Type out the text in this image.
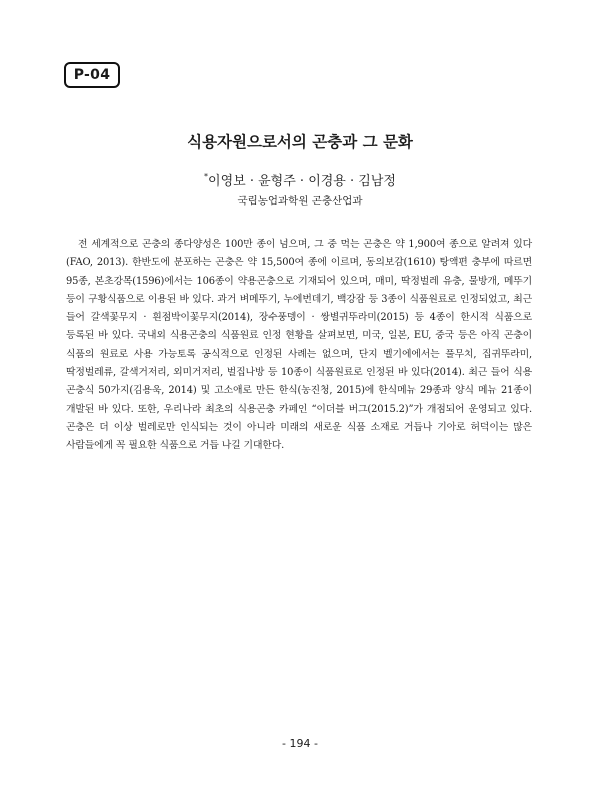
P-04
식용자원으로서의 곤충과 그 문화
*이영보 · 윤형주 · 이경용 · 김남정
국립농업과학원 곤충산업과

전 세계적으로 곤충의 종다양성은 100만 종이 넘으며, 그 중 먹는 곤충은 약 1,900여 종으로 알려져 있다(FAO, 2013). 한반도에 분포하는 곤충은 약 15,500여 종에 이르며, 동의보감(1610) 탕액편 충부에 따르면 95종, 본초강목(1596)에서는 106종이 약용곤충으로 기재되어 있으며, 매미, 딱정벌레 유충, 물방개, 메뚜기 등이 구황식품으로 이용된 바 있다. 과거 벼메뚜기, 누에번데기, 백강잠 등 3종이 식품원료로 인정되었고, 최근 들어 갈색꽃무지 · 흰점박이꽃무지(2014), 장수풍뎅이 · 쌍별귀뚜라미(2015) 등 4종이 한시적 식품으로 등록된 바 있다. 국내외 식용곤충의 식품원료 인정 현황을 살펴보면, 미국, 일본, EU, 중국 등은 아직 곤충이 식품의 원료로 사용 가능토록 공식적으로 인정된 사례는 없으며, 단지 벨기에에서는 풀무치, 집귀뚜라미, 딱정벌레류, 갈색거저리, 외미거저리, 벌집나방 등 10종이 식품원료로 인정된 바 있다(2014). 최근 들어 식용 곤충식 50가지(김용욱, 2014) 및 고소애로 만든 한식(농진청, 2015)에 한식메뉴 29종과 양식 메뉴 21종이 개발된 바 있다. 또한, 우리나라 최초의 식용곤충 카페인 “이더블 버그(2015.2)”가 개점되어 운영되고 있다. 곤충은 더 이상 벌레로만 인식되는 것이 아니라 미래의 새로운 식품 소재로 거듭나 기아로 허덕이는 많은 사람들에게 꼭 필요한 식품으로 거듭 나길 기대한다.

- 194 -
